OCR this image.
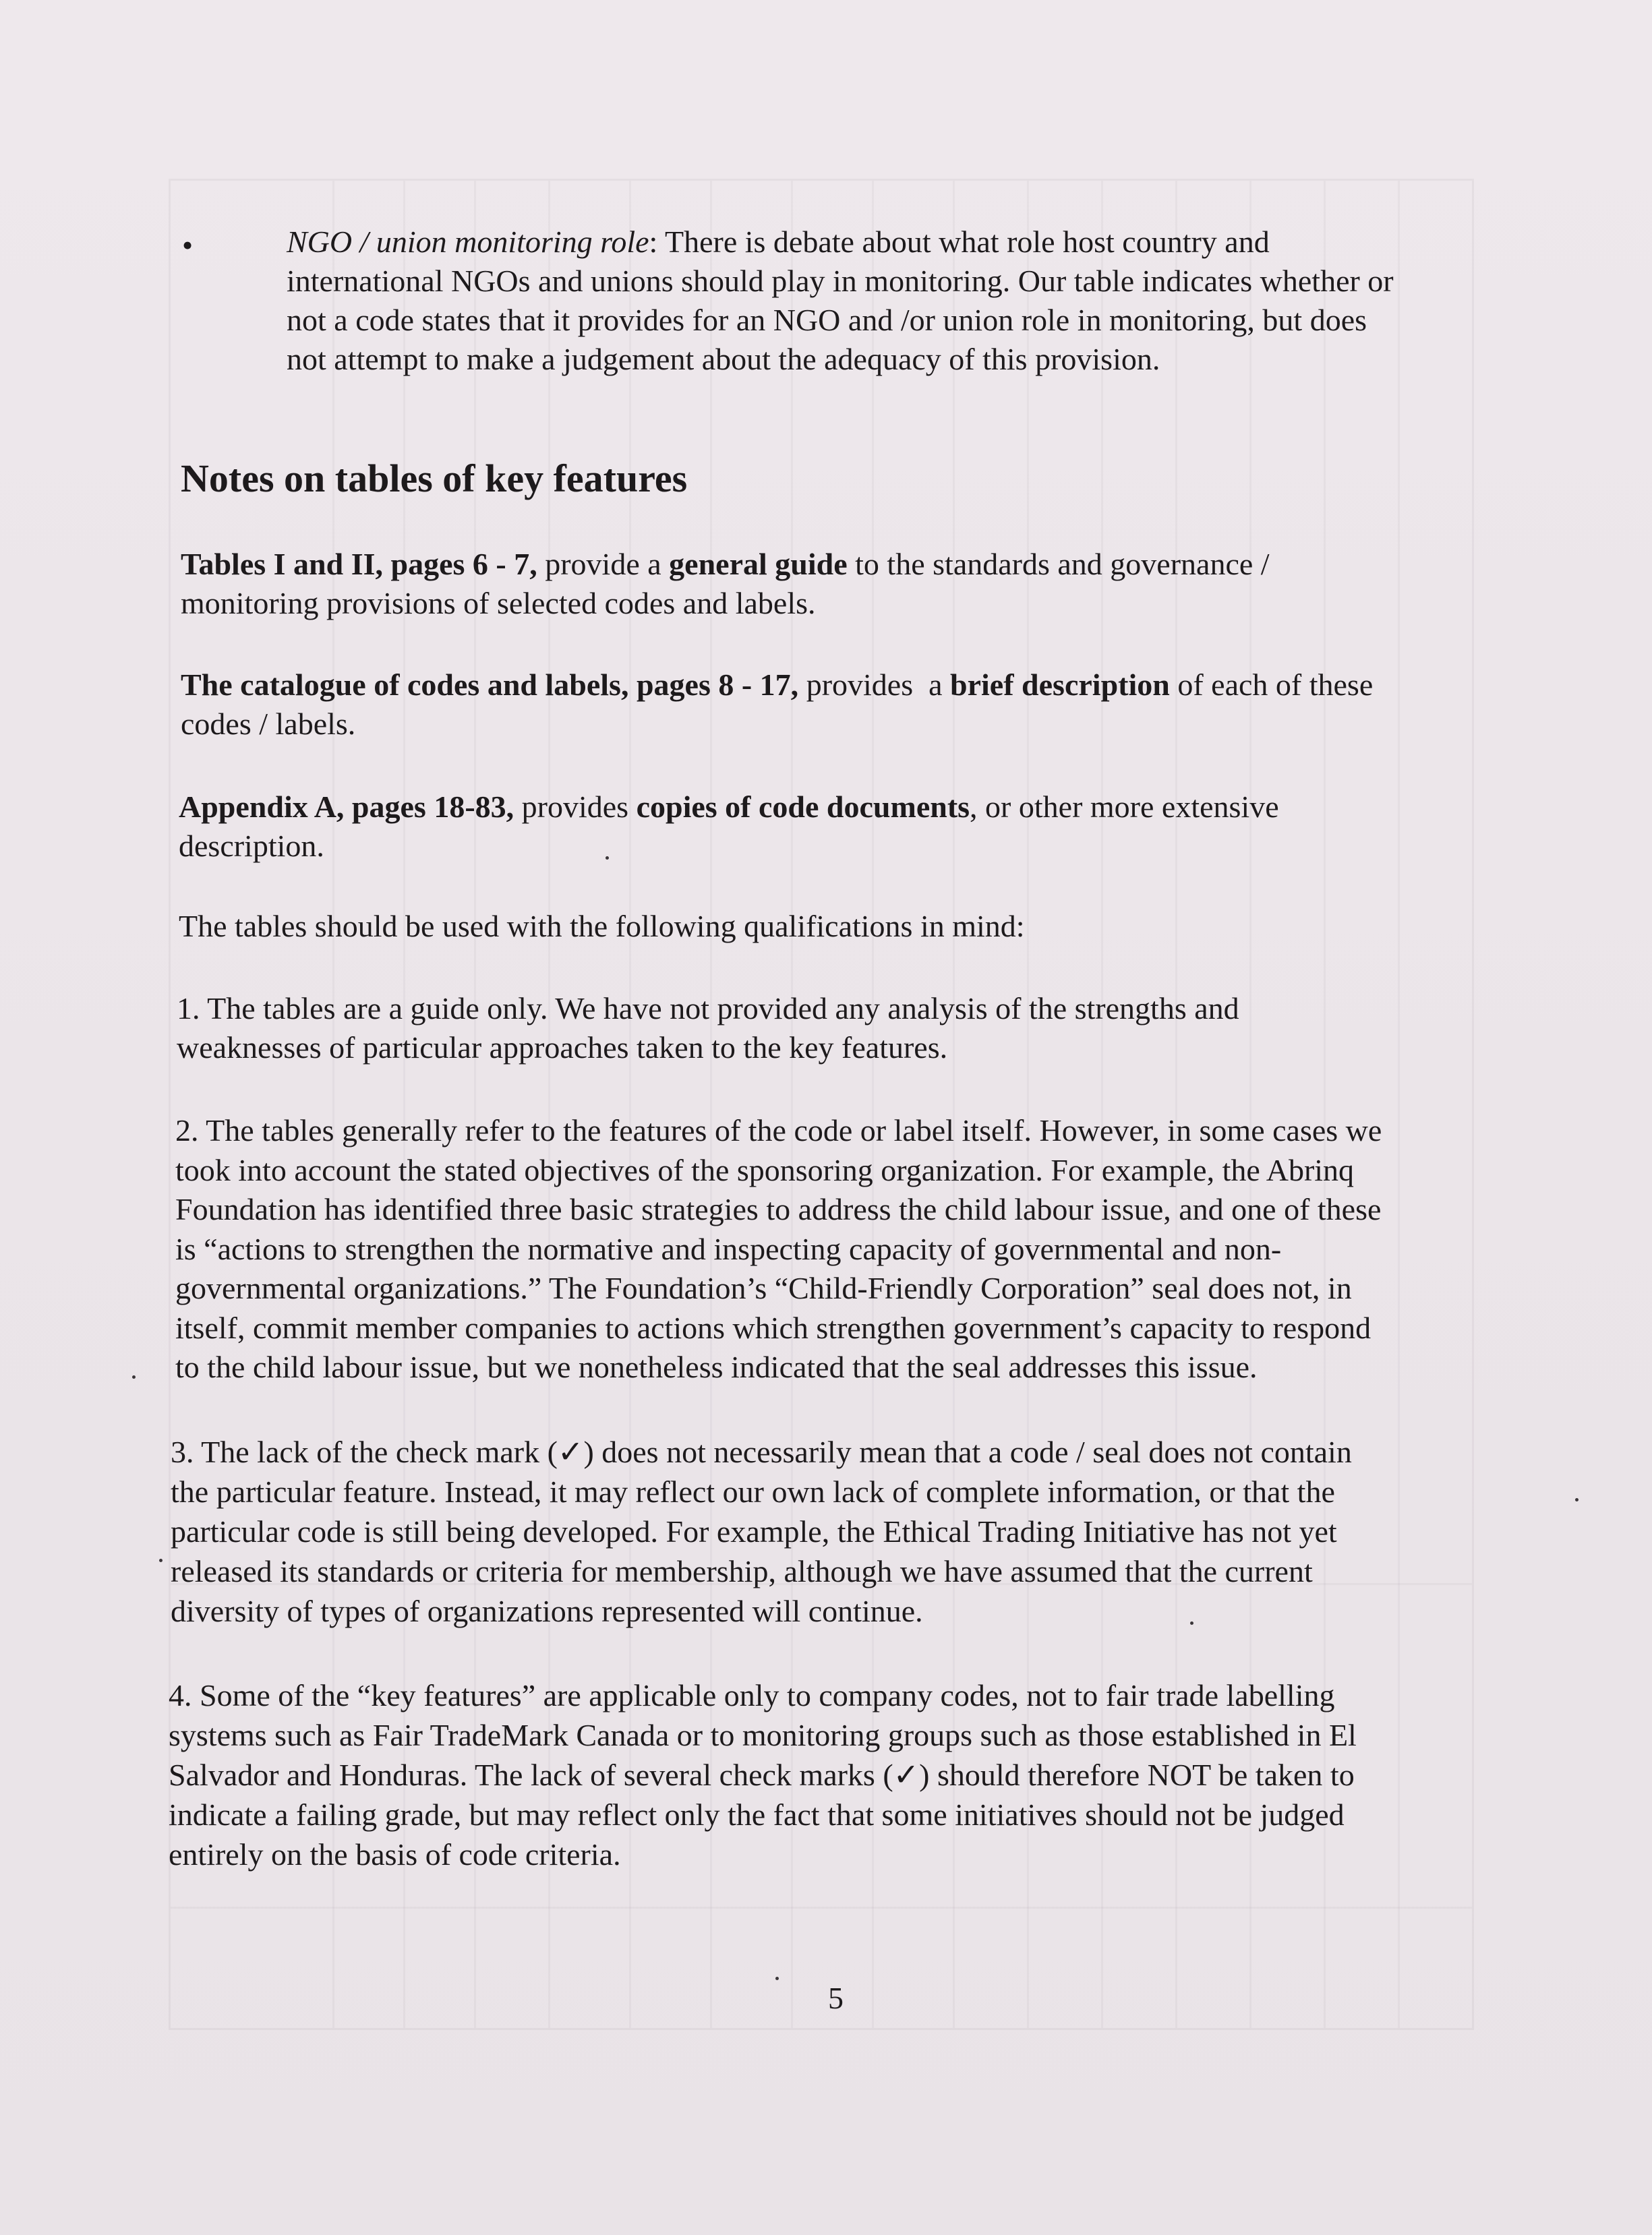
•	NGO / union monitoring role: There is debate about what role host country and
international NGOs and unions should play in monitoring. Our table indicates whether or
not a code states that it provides for an NGO and /or union role in monitoring, but does
not attempt to make a judgement about the adequacy of this provision.
Notes on tables of key features
Tables I and II, pages 6 - 7, provide a general guide to the standards and governance /
monitoring provisions of selected codes and labels.
The catalogue of codes and labels, pages 8 - 17, provides  a brief description of each of these
codes / labels.
Appendix A, pages 18-83, provides copies of code documents, or other more extensive
description.
The tables should be used with the following qualifications in mind:
1. The tables are a guide only. We have not provided any analysis of the strengths and
weaknesses of particular approaches taken to the key features.
2. The tables generally refer to the features of the code or label itself. However, in some cases we
took into account the stated objectives of the sponsoring organization. For example, the Abrinq
Foundation has identified three basic strategies to address the child labour issue, and one of these
is “actions to strengthen the normative and inspecting capacity of governmental and non-
governmental organizations.” The Foundation’s “Child-Friendly Corporation” seal does not, in
itself, commit member companies to actions which strengthen government’s capacity to respond
to the child labour issue, but we nonetheless indicated that the seal addresses this issue.
3. The lack of the check mark (✓) does not necessarily mean that a code / seal does not contain
the particular feature. Instead, it may reflect our own lack of complete information, or that the
particular code is still being developed. For example, the Ethical Trading Initiative has not yet
released its standards or criteria for membership, although we have assumed that the current
diversity of types of organizations represented will continue.
4. Some of the “key features” are applicable only to company codes, not to fair trade labelling
systems such as Fair TradeMark Canada or to monitoring groups such as those established in El
Salvador and Honduras. The lack of several check marks (✓) should therefore NOT be taken to
indicate a failing grade, but may reflect only the fact that some initiatives should not be judged
entirely on the basis of code criteria.
5
